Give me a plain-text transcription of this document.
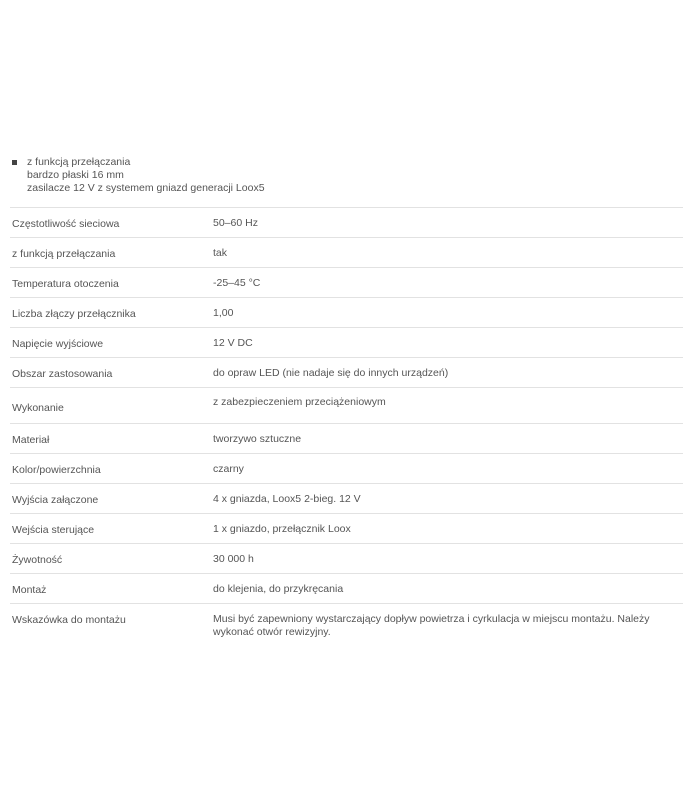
z funkcją przełączania
bardzo płaski 16 mm
zasilacze 12 V z systemem gniazd generacji Loox5
Częstotliwość sieciowa	50–60 Hz
z funkcją przełączania	tak
Temperatura otoczenia	-25–45 °C
Liczba złączy przełącznika	1,00
Napięcie wyjściowe	12 V DC
Obszar zastosowania	do opraw LED (nie nadaje się do innych urządzeń)
Wykonanie	z zabezpieczeniem przeciążeniowym
Materiał	tworzywo sztuczne
Kolor/powierzchnia	czarny
Wyjścia załączone	4 x gniazda, Loox5 2-bieg. 12 V
Wejścia sterujące	1 x gniazdo, przełącznik Loox
Żywotność	30 000 h
Montaż	do klejenia, do przykręcania
Wskazówka do montażu	Musi być zapewniony wystarczający dopływ powietrza i cyrkulacja w miejscu montażu. Należy wykonać otwór rewizyjny.
